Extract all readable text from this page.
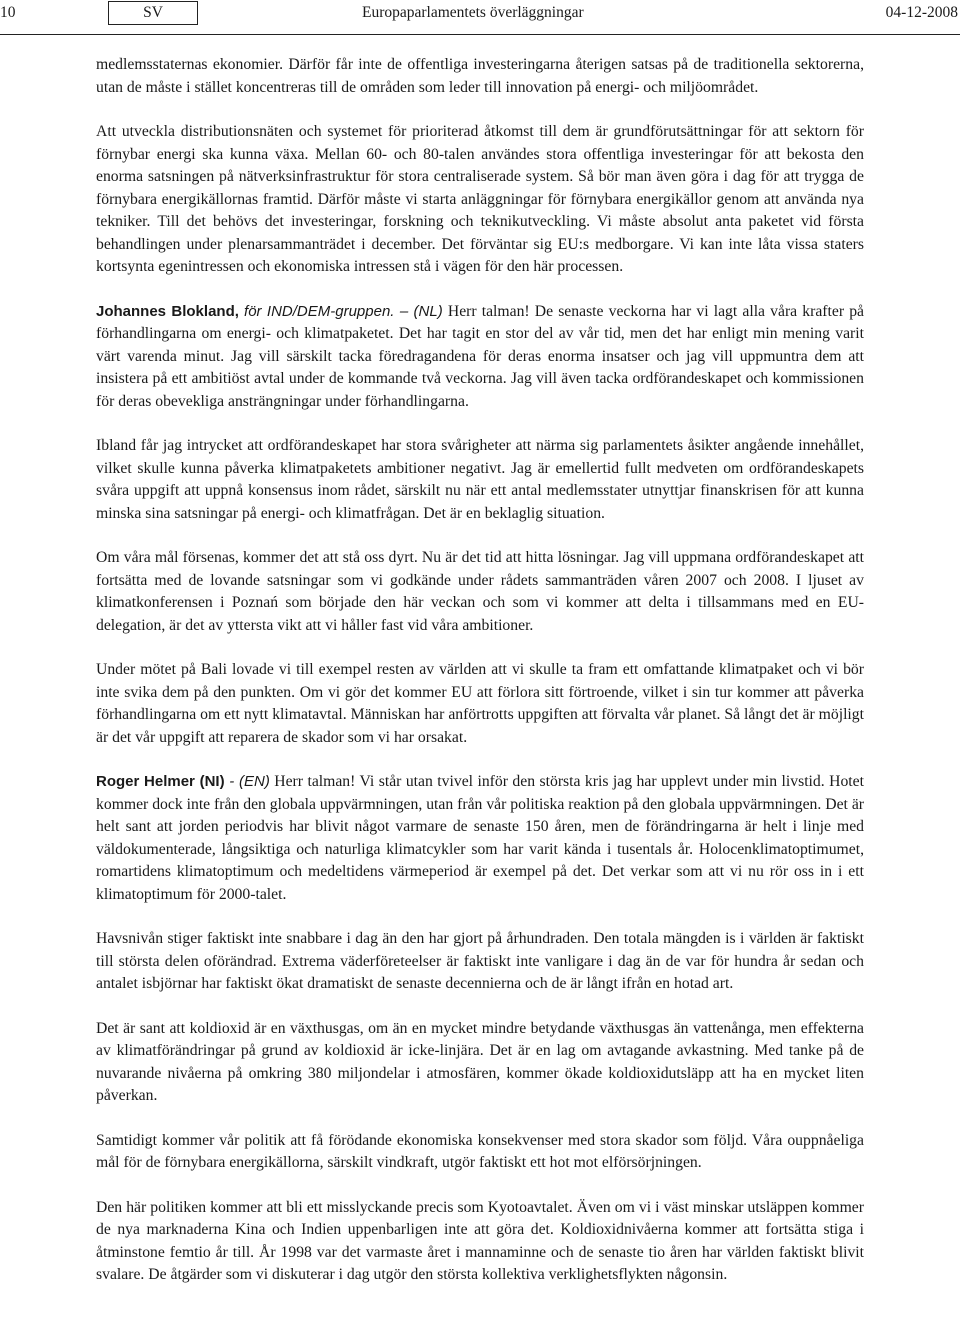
10	SV	Europaparlamentets överläggningar	04-12-2008

medlemsstaternas ekonomier. Därför får inte de offentliga investeringarna återigen satsas på de traditionella sektorerna, utan de måste i stället koncentreras till de områden som leder till innovation på energi- och miljöområdet.

Att utveckla distributionsnäten och systemet för prioriterad åtkomst till dem är grundförutsättningar för att sektorn för förnybar energi ska kunna växa. Mellan 60- och 80-talen användes stora offentliga investeringar för att bekosta den enorma satsningen på nätverksinfrastruktur för stora centraliserade system. Så bör man även göra i dag för att trygga de förnybara energikällornas framtid. Därför måste vi starta anläggningar för förnybara energikällor genom att använda nya tekniker. Till det behövs det investeringar, forskning och teknikutveckling. Vi måste absolut anta paketet vid första behandlingen under plenarsammanträdet i december. Det förväntar sig EU:s medborgare. Vi kan inte låta vissa staters kortsynta egenintressen och ekonomiska intressen stå i vägen för den här processen.

Johannes Blokland, för IND/DEM-gruppen. – (NL) Herr talman! De senaste veckorna har vi lagt alla våra krafter på förhandlingarna om energi- och klimatpaketet. Det har tagit en stor del av vår tid, men det har enligt min mening varit värt varenda minut. Jag vill särskilt tacka föredragandena för deras enorma insatser och jag vill uppmuntra dem att insistera på ett ambitiöst avtal under de kommande två veckorna. Jag vill även tacka ordförandeskapet och kommissionen för deras obevekliga ansträngningar under förhandlingarna.

Ibland får jag intrycket att ordförandeskapet har stora svårigheter att närma sig parlamentets åsikter angående innehållet, vilket skulle kunna påverka klimatpaketets ambitioner negativt. Jag är emellertid fullt medveten om ordförandeskapets svåra uppgift att uppnå konsensus inom rådet, särskilt nu när ett antal medlemsstater utnyttjar finanskrisen för att kunna minska sina satsningar på energi- och klimatfrågan. Det är en beklaglig situation.

Om våra mål försenas, kommer det att stå oss dyrt. Nu är det tid att hitta lösningar. Jag vill uppmana ordförandeskapet att fortsätta med de lovande satsningar som vi godkände under rådets sammanträden våren 2007 och 2008. I ljuset av klimatkonferensen i Poznań som började den här veckan och som vi kommer att delta i tillsammans med en EU-delegation, är det av yttersta vikt att vi håller fast vid våra ambitioner.

Under mötet på Bali lovade vi till exempel resten av världen att vi skulle ta fram ett omfattande klimatpaket och vi bör inte svika dem på den punkten. Om vi gör det kommer EU att förlora sitt förtroende, vilket i sin tur kommer att påverka förhandlingarna om ett nytt klimatavtal. Människan har anförtrotts uppgiften att förvalta vår planet. Så långt det är möjligt är det vår uppgift att reparera de skador som vi har orsakat.

Roger Helmer (NI) - (EN) Herr talman! Vi står utan tvivel inför den största kris jag har upplevt under min livstid. Hotet kommer dock inte från den globala uppvärmningen, utan från vår politiska reaktion på den globala uppvärmningen. Det är helt sant att jorden periodvis har blivit något varmare de senaste 150 åren, men de förändringarna är helt i linje med väldokumenterade, långsiktiga och naturliga klimatcykler som har varit kända i tusentals år. Holocenklimatoptimumet, romartidens klimatoptimum och medeltidens värmeperiod är exempel på det. Det verkar som att vi nu rör oss in i ett klimatoptimum för 2000-talet.

Havsnivån stiger faktiskt inte snabbare i dag än den har gjort på århundraden. Den totala mängden is i världen är faktiskt till största delen oförändrad. Extrema väderföreteelser är faktiskt inte vanligare i dag än de var för hundra år sedan och antalet isbjörnar har faktiskt ökat dramatiskt de senaste decennierna och de är långt ifrån en hotad art.

Det är sant att koldioxid är en växthusgas, om än en mycket mindre betydande växthusgas än vattenånga, men effekterna av klimatförändringar på grund av koldioxid är icke-linjära. Det är en lag om avtagande avkastning. Med tanke på de nuvarande nivåerna på omkring 380 miljondelar i atmosfären, kommer ökade koldioxidutsläpp att ha en mycket liten påverkan.

Samtidigt kommer vår politik att få förödande ekonomiska konsekvenser med stora skador som följd. Våra ouppnåeliga mål för de förnybara energikällorna, särskilt vindkraft, utgör faktiskt ett hot mot elförsörjningen.

Den här politiken kommer att bli ett misslyckande precis som Kyotoavtalet. Även om vi i väst minskar utsläppen kommer de nya marknaderna Kina och Indien uppenbarligen inte att göra det. Koldioxidnivåerna kommer att fortsätta stiga i åtminstone femtio år till. År 1998 var det varmaste året i mannaminne och de senaste tio åren har världen faktiskt blivit svalare. De åtgärder som vi diskuterar i dag utgör den största kollektiva verklighetsflykten någonsin.
